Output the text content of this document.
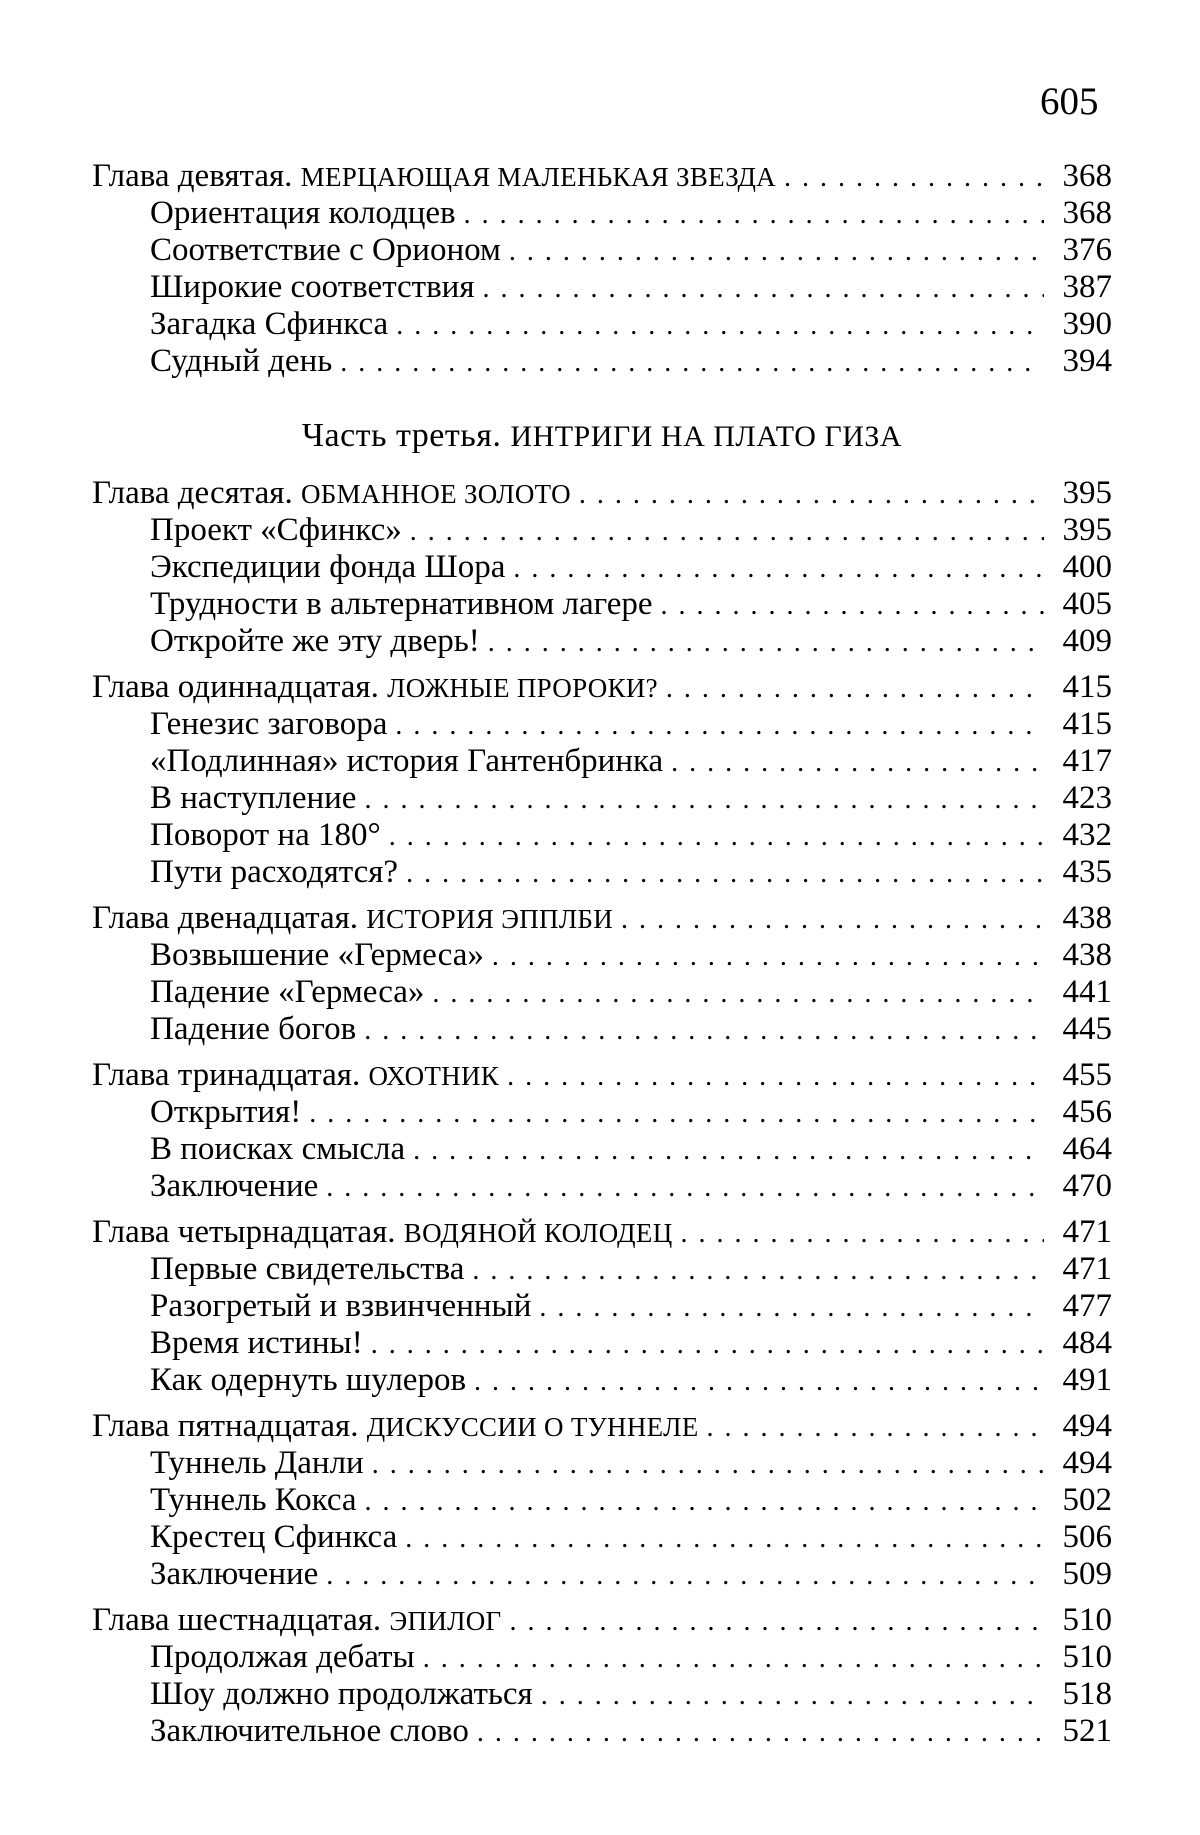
605
Глава девятая. МЕРЦАЮЩАЯ МАЛЕНЬКАЯ ЗВЕЗДА . . .	368
Ориентация колодцев . . .	368
Соответствие с Орионом . . .	376
Широкие соответствия . . .	387
Загадка Сфинкса . . .	390
Судный день . . .	394
Часть третья. ИНТРИГИ НА ПЛАТО ГИЗА
Глава десятая. ОБМАННОЕ ЗОЛОТО . . .	395
Проект «Сфинкс» . . .	395
Экспедиции фонда Шора . . .	400
Трудности в альтернативном лагере . . .	405
Откройте же эту дверь! . . .	409
Глава одиннадцатая. ЛОЖНЫЕ ПРОРОКИ? . . .	415
Генезис заговора . . .	415
«Подлинная» история Гантенбринка . . .	417
В наступление . . .	423
Поворот на 180° . . .	432
Пути расходятся? . . .	435
Глава двенадцатая. ИСТОРИЯ ЭППЛБИ . . .	438
Возвышение «Гермеса» . . .	438
Падение «Гермеса» . . .	441
Падение богов . . .	445
Глава тринадцатая. ОХОТНИК . . .	455
Открытия! . . .	456
В поисках смысла . . .	464
Заключение . . .	470
Глава четырнадцатая. ВОДЯНОЙ КОЛОДЕЦ . . .	471
Первые свидетельства . . .	471
Разогретый и взвинченный . . .	477
Время истины! . . .	484
Как одернуть шулеров . . .	491
Глава пятнадцатая. ДИСКУССИИ О ТУННЕЛЕ . . .	494
Туннель Данли . . .	494
Туннель Кокса . . .	502
Крестец Сфинкса . . .	506
Заключение . . .	509
Глава шестнадцатая. ЭПИЛОГ . . .	510
Продолжая дебаты . . .	510
Шоу должно продолжаться . . .	518
Заключительное слово . . .	521
